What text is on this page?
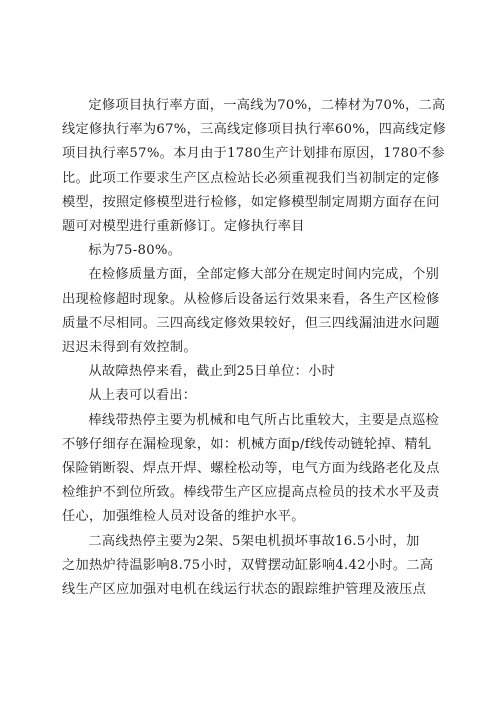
定修项目执行率方面，一高线为70%，二棒材为70%，二高
线定修执行率为67%，三高线定修项目执行率60%，四高线定修
项目执行率57%。本月由于1780生产计划排布原因，1780不参
比。此项工作要求生产区点检站长必须重视我们当初制定的定修
模型，按照定修模型进行检修，如定修模型制定周期方面存在问
题可对模型进行重新修订。定修执行率目

标为75-80%。

在检修质量方面，全部定修大部分在规定时间内完成，个别
出现检修超时现象。从检修后设备运行效果来看，各生产区检修
质量不尽相同。三四高线定修效果较好，但三四线漏油进水问题
迟迟未得到有效控制。

从故障热停来看，截止到25日单位：小时

从上表可以看出：

棒线带热停主要为机械和电气所占比重较大，主要是点巡检
不够仔细存在漏检现象，如：机械方面p/f线传动链轮掉、精轧
保险销断裂、焊点开焊、螺栓松动等，电气方面为线路老化及点
检维护不到位所致。棒线带生产区应提高点检员的技术水平及责
任心，加强维检人员对设备的维护水平。

二高线热停主要为2架、5架电机损坏事故16.5小时，加
之加热炉待温影响8.75小时，双臂摆动缸影响4.42小时。二高
线生产区应加强对电机在线运行状态的跟踪维护管理及液压点
